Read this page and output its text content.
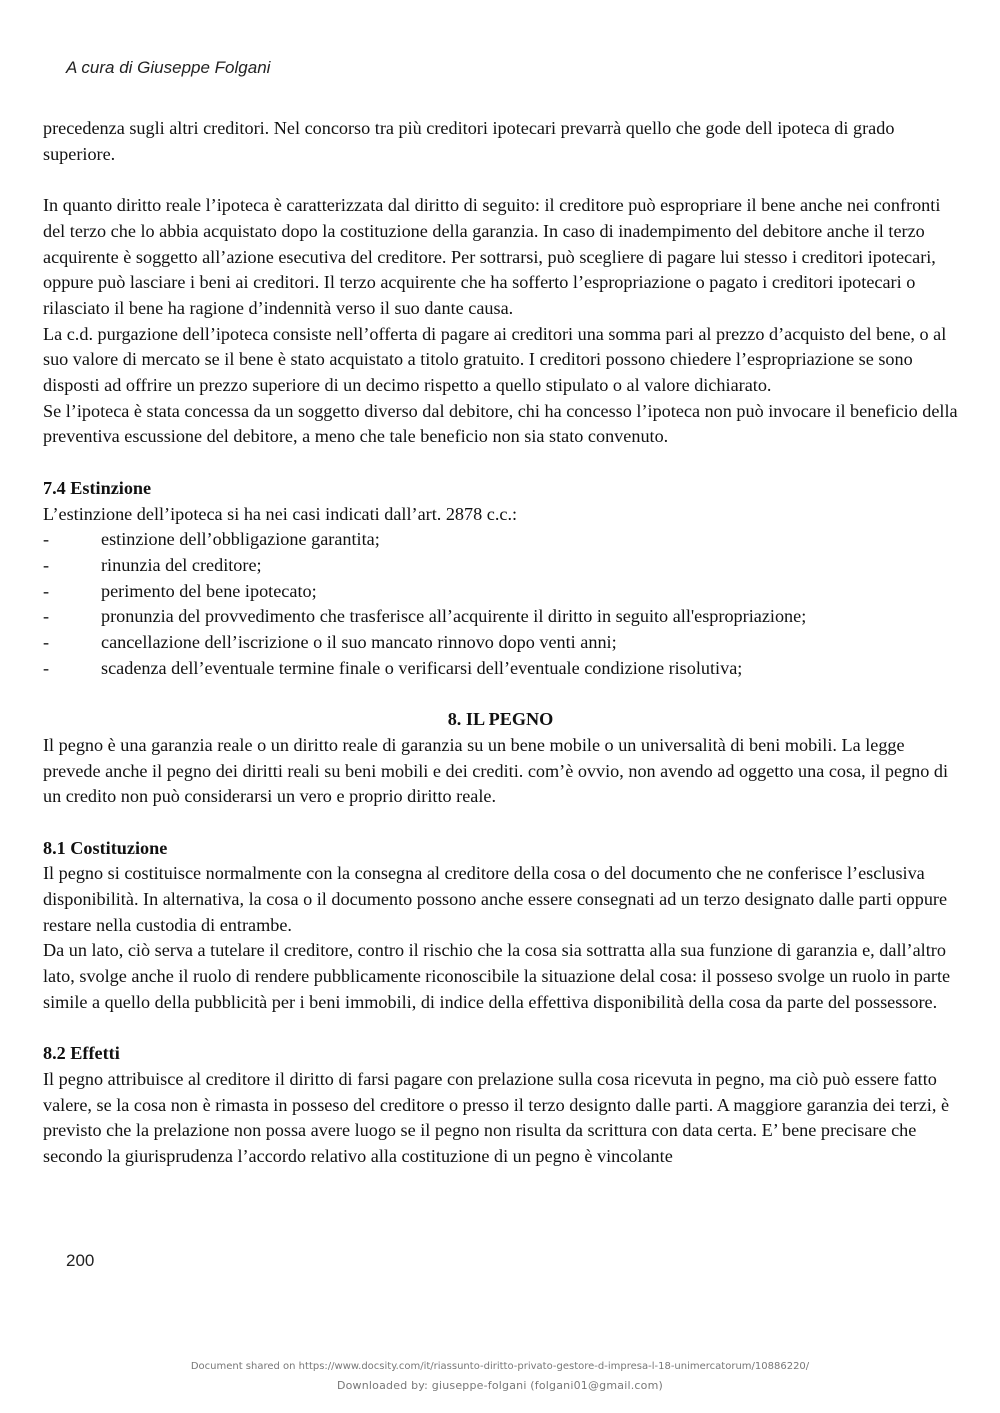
A cura di Giuseppe Folgani

precedenza sugli altri creditori. Nel concorso tra più creditori ipotecari prevarrà quello che gode dell ipoteca di grado superiore.

In quanto diritto reale l’ipoteca è caratterizzata dal diritto di seguito: il creditore può espropriare il bene anche nei confronti del terzo che lo abbia acquistato dopo la costituzione della garanzia. In caso di inadempimento del debitore anche il terzo acquirente è soggetto all’azione esecutiva del creditore. Per sottrarsi, può scegliere di pagare lui stesso i creditori ipotecari, oppure può lasciare i beni ai creditori. Il terzo acquirente che ha sofferto l’espropriazione o pagato i creditori ipotecari o rilasciato il bene ha ragione d’indennità verso il suo dante causa.

La c.d. purgazione dell’ipoteca consiste nell’offerta di pagare ai creditori una somma pari al prezzo d’acquisto del bene, o al suo valore di mercato se il bene è stato acquistato a titolo gratuito. I creditori possono chiedere l’espropriazione se sono disposti ad offrire un prezzo superiore di un decimo rispetto a quello stipulato o al valore dichiarato.

Se l’ipoteca è stata concessa da un soggetto diverso dal debitore, chi ha concesso l’ipoteca non può invocare il beneficio della preventiva escussione del debitore, a meno che tale beneficio non sia stato convenuto.

7.4 Estinzione

L’estinzione dell’ipoteca si ha nei casi indicati dall’art. 2878 c.c.:

-	estinzione dell’obbligazione garantita;
-	rinunzia del creditore;
-	perimento del bene ipotecato;
-	pronunzia del provvedimento che trasferisce all’acquirente il diritto in seguito all'espropriazione;
-	cancellazione dell’iscrizione o il suo mancato rinnovo dopo venti anni;
-	scadenza dell’eventuale termine finale o verificarsi dell’eventuale condizione risolutiva;

8. IL PEGNO

Il pegno è una garanzia reale o un diritto reale di garanzia su un bene mobile o un universalità di beni mobili. La legge prevede anche il pegno dei diritti reali su beni mobili e dei crediti. com’è ovvio, non avendo ad oggetto una cosa, il pegno di un credito non può considerarsi un vero e proprio diritto reale.

8.1 Costituzione

Il pegno si costituisce normalmente con la consegna al creditore della cosa o del documento che ne conferisce l’esclusiva disponibilità. In alternativa, la cosa o il documento possono anche essere consegnati ad un terzo designato dalle parti oppure restare nella custodia di entrambe.

Da un lato, ciò serva a tutelare il creditore, contro il rischio che la cosa sia sottratta alla sua funzione di garanzia e, dall’altro lato, svolge anche il ruolo di rendere pubblicamente riconoscibile la situazione delal cosa: il posseso svolge un ruolo in parte simile a quello della pubblicità per i beni immobili, di indice della effettiva disponibilità della cosa da parte del possessore.

8.2 Effetti

Il pegno attribuisce al creditore il diritto di farsi pagare con prelazione sulla cosa ricevuta in pegno, ma ciò può essere fatto valere, se la cosa non è rimasta in posseso del creditore o presso il terzo designto dalle parti. A maggiore garanzia dei terzi, è previsto che la prelazione non possa avere luogo se il pegno non risulta da scrittura con data certa. E’ bene precisare che secondo la giurisprudenza l’accordo relativo alla costituzione di un pegno è vincolante

200
Document shared on https://www.docsity.com/it/riassunto-diritto-privato-gestore-d-impresa-l-18-unimercatorum/10886220/
Downloaded by: giuseppe-folgani (folgani01@gmail.com)
